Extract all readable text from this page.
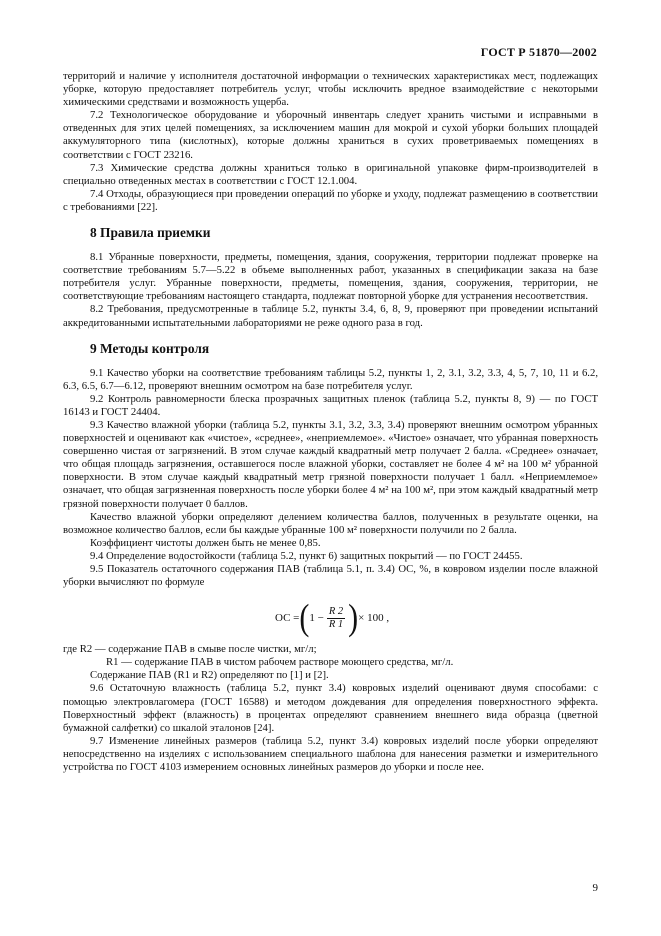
ГОСТ Р 51870—2002

территорий и наличие у исполнителя достаточной информации о технических характеристиках мест, подлежащих уборке, которую предоставляет потребитель услуг, чтобы исключить вредное взаимодействие с некоторыми химическими средствами и возможность ущерба.

7.2 Технологическое оборудование и уборочный инвентарь следует хранить чистыми и исправными в отведенных для этих целей помещениях, за исключением машин для мокрой и сухой уборки больших площадей аккумуляторного типа (кислотных), которые должны храниться в сухих проветриваемых помещениях в соответствии с ГОСТ 23216.

7.3 Химические средства должны храниться только в оригинальной упаковке фирм-производителей в специально отведенных местах в соответствии с ГОСТ 12.1.004.

7.4 Отходы, образующиеся при проведении операций по уборке и уходу, подлежат размещению в соответствии с требованиями [22].

8 Правила приемки

8.1 Убранные поверхности, предметы, помещения, здания, сооружения, территории подлежат проверке на соответствие требованиям 5.7—5.22 в объеме выполненных работ, указанных в спецификации заказа на базе потребителя услуг. Убранные поверхности, предметы, помещения, здания, сооружения, территории, не соответствующие требованиям настоящего стандарта, подлежат повторной уборке для устранения несоответствия.

8.2 Требования, предусмотренные в таблице 5.2, пункты 3.4, 6, 8, 9, проверяют при проведении испытаний аккредитованными испытательными лабораториями не реже одного раза в год.

9 Методы контроля

9.1 Качество уборки на соответствие требованиям таблицы 5.2, пункты 1, 2, 3.1, 3.2, 3.3, 4, 5, 7, 10, 11 и 6.2, 6.3, 6.5, 6.7—6.12, проверяют внешним осмотром на базе потребителя услуг.

9.2 Контроль равномерности блеска прозрачных защитных пленок (таблица 5.2, пункты 8, 9) — по ГОСТ 16143 и ГОСТ 24404.

9.3 Качество влажной уборки (таблица 5.2, пункты 3.1, 3.2, 3.3, 3.4) проверяют внешним осмотром убранных поверхностей и оценивают как «чистое», «среднее», «неприемлемое». «Чистое» означает, что убранная поверхность совершенно чистая от загрязнений. В этом случае каждый квадратный метр получает 2 балла. «Среднее» означает, что общая площадь загрязнения, оставшегося после влажной уборки, составляет не более 4 м² на 100 м² убранной поверхности. В этом случае каждый квадратный метр грязной поверхности получает 1 балл. «Неприемлемое» означает, что общая загрязненная поверхность после уборки более 4 м² на 100 м², при этом каждый квадратный метр грязной поверхности получает 0 баллов.

Качество влажной уборки определяют делением количества баллов, полученных в результате оценки, на возможное количество баллов, если бы каждые убранные 100 м² поверхности получили по 2 балла.

Коэффициент чистоты должен быть не менее 0,85.

9.4 Определение водостойкости (таблица 5.2, пункт 6) защитных покрытий — по ГОСТ 24455.

9.5 Показатель остаточного содержания ПАВ (таблица 5.1, п. 3.4) ОС, %, в ковровом изделии после влажной уборки вычисляют по формуле

ОС = ( $1 - \frac{R 2}{R 1}$ ) × 100 ,

где R2 — содержание ПАВ в смыве после чистки, мг/л;

R1 — содержание ПАВ в чистом рабочем растворе моющего средства, мг/л.

Содержание ПАВ (R1 и R2) определяют по [1] и [2].

9.6 Остаточную влажность (таблица 5.2, пункт 3.4) ковровых изделий оценивают двумя способами: с помощью электровлагомера (ГОСТ 16588) и методом дождевания для определения поверхностного эффекта. Поверхностный эффект (влажность) в процентах определяют сравнением внешнего вида образца (цветной бумажной салфетки) со шкалой эталонов [24].

9.7 Изменение линейных размеров (таблица 5.2, пункт 3.4) ковровых изделий после уборки определяют непосредственно на изделиях с использованием специального шаблона для нанесения разметки и измерительного устройства по ГОСТ 4103 измерением основных линейных размеров до уборки и после нее.

9
